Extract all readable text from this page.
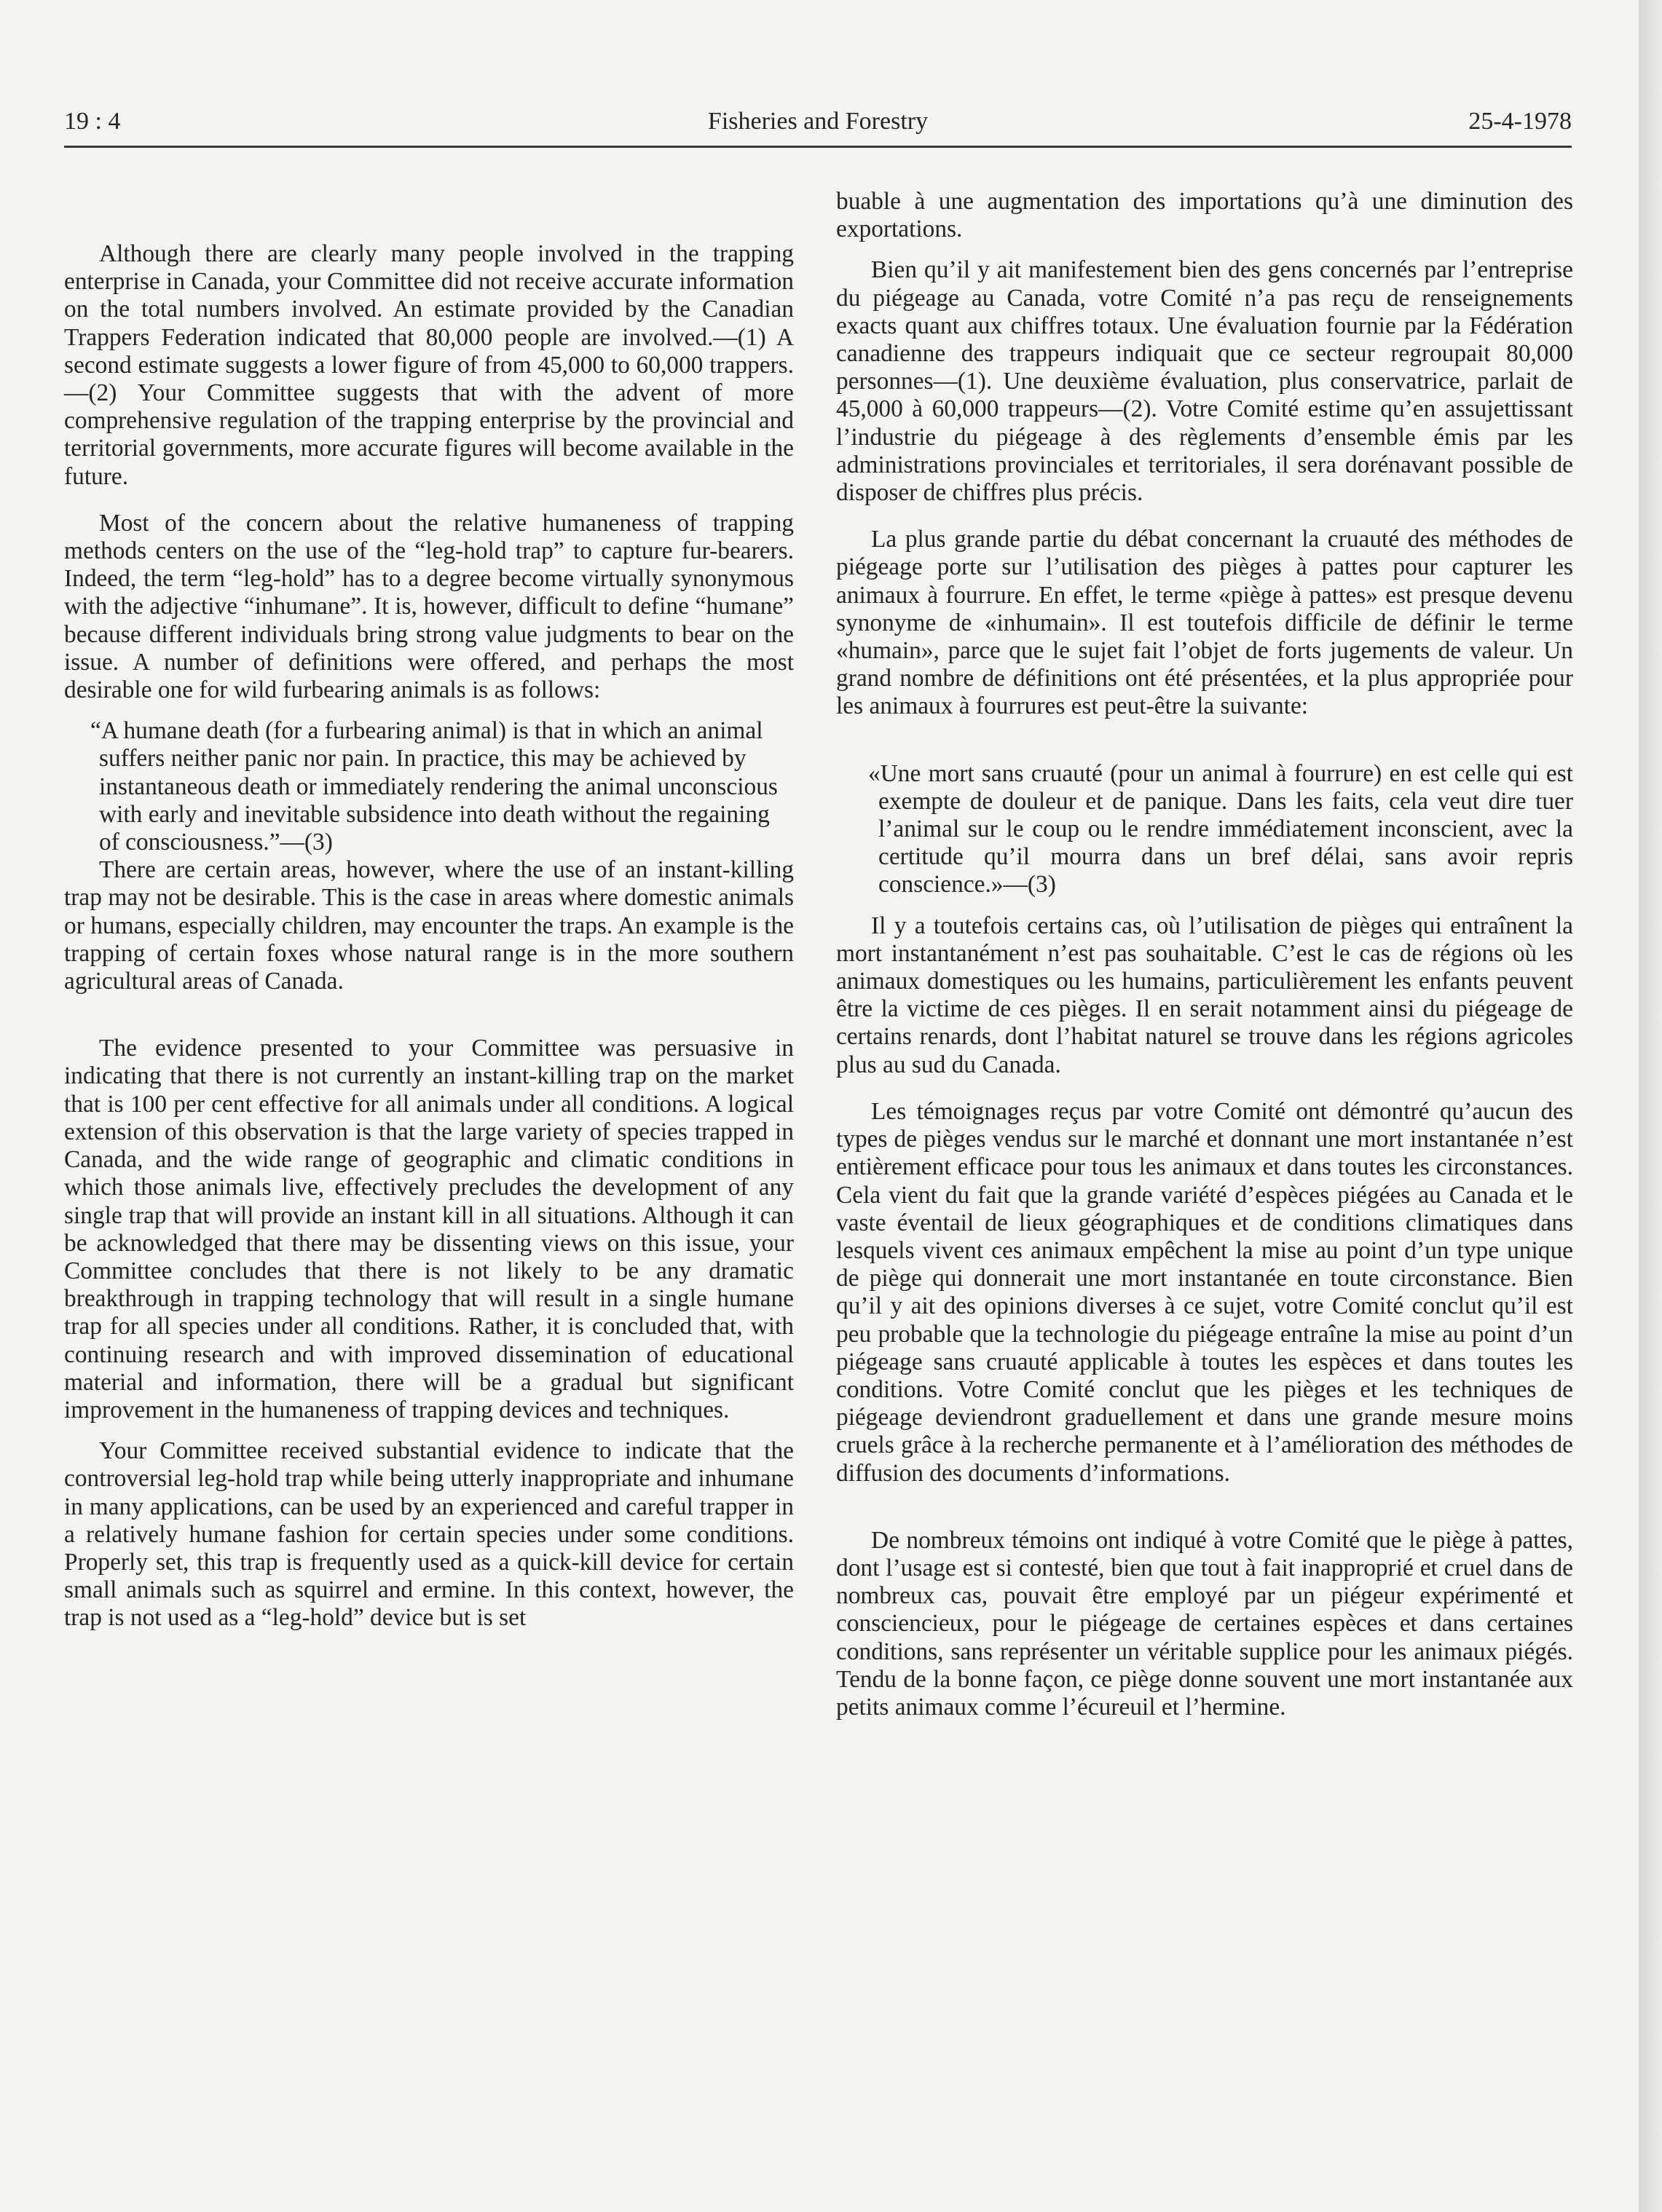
19 : 4	Fisheries and Forestry	25-4-1978

Although there are clearly many people involved in the trapping enterprise in Canada, your Committee did not receive accurate information on the total numbers involved. An estimate provided by the Canadian Trappers Federation indicated that 80,000 people are involved.—(1) A second estimate suggests a lower figure of from 45,000 to 60,000 trappers.—(2) Your Committee suggests that with the advent of more comprehensive regulation of the trapping enterprise by the provincial and territorial governments, more accurate figures will become available in the future.

Most of the concern about the relative humaneness of trapping methods centers on the use of the “leg-hold trap” to capture fur-bearers. Indeed, the term “leg-hold” has to a degree become virtually synonymous with the adjective “inhumane”. It is, however, difficult to define “humane” because different individuals bring strong value judgments to bear on the issue. A number of definitions were offered, and perhaps the most desirable one for wild furbearing animals is as follows:

“A humane death (for a furbearing animal) is that in which an animal suffers neither panic nor pain. In practice, this may be achieved by instantaneous death or immediately rendering the animal unconscious with early and inevitable subsidence into death without the regaining of consciousness.”—(3)

There are certain areas, however, where the use of an instant-killing trap may not be desirable. This is the case in areas where domestic animals or humans, especially children, may encounter the traps. An example is the trapping of certain foxes whose natural range is in the more southern agricultural areas of Canada.

The evidence presented to your Committee was persuasive in indicating that there is not currently an instant-killing trap on the market that is 100 per cent effective for all animals under all conditions. A logical extension of this observation is that the large variety of species trapped in Canada, and the wide range of geographic and climatic conditions in which those animals live, effectively precludes the development of any single trap that will provide an instant kill in all situations. Although it can be acknowledged that there may be dissenting views on this issue, your Committee concludes that there is not likely to be any dramatic breakthrough in trapping technology that will result in a single humane trap for all species under all conditions. Rather, it is concluded that, with continuing research and with improved dissemination of educational material and information, there will be a gradual but significant improvement in the humaneness of trapping devices and techniques.

Your Committee received substantial evidence to indicate that the controversial leg-hold trap while being utterly inappropriate and inhumane in many applications, can be used by an experienced and careful trapper in a relatively humane fashion for certain species under some conditions. Properly set, this trap is frequently used as a quick-kill device for certain small animals such as squirrel and ermine. In this context, however, the trap is not used as a “leg-hold” device but is set

buable à une augmentation des importations qu’à une diminution des exportations.

Bien qu’il y ait manifestement bien des gens concernés par l’entreprise du piégeage au Canada, votre Comité n’a pas reçu de renseignements exacts quant aux chiffres totaux. Une évaluation fournie par la Fédération canadienne des trappeurs indiquait que ce secteur regroupait 80,000 personnes—(1). Une deuxième évaluation, plus conservatrice, parlait de 45,000 à 60,000 trappeurs—(2). Votre Comité estime qu’en assujettissant l’industrie du piégeage à des règlements d’ensemble émis par les administrations provinciales et territoriales, il sera dorénavant possible de disposer de chiffres plus précis.

La plus grande partie du débat concernant la cruauté des méthodes de piégeage porte sur l’utilisation des pièges à pattes pour capturer les animaux à fourrure. En effet, le terme «piège à pattes» est presque devenu synonyme de «inhumain». Il est toutefois difficile de définir le terme «humain», parce que le sujet fait l’objet de forts jugements de valeur. Un grand nombre de définitions ont été présentées, et la plus appropriée pour les animaux à fourrures est peut-être la suivante:

«Une mort sans cruauté (pour un animal à fourrure) en est celle qui est exempte de douleur et de panique. Dans les faits, cela veut dire tuer l’animal sur le coup ou le rendre immédiatement inconscient, avec la certitude qu’il mourra dans un bref délai, sans avoir repris conscience.»—(3)

Il y a toutefois certains cas, où l’utilisation de pièges qui entraînent la mort instantanément n’est pas souhaitable. C’est le cas de régions où les animaux domestiques ou les humains, particulièrement les enfants peuvent être la victime de ces pièges. Il en serait notamment ainsi du piégeage de certains renards, dont l’habitat naturel se trouve dans les régions agricoles plus au sud du Canada.

Les témoignages reçus par votre Comité ont démontré qu’aucun des types de pièges vendus sur le marché et donnant une mort instantanée n’est entièrement efficace pour tous les animaux et dans toutes les circonstances. Cela vient du fait que la grande variété d’espèces piégées au Canada et le vaste éventail de lieux géographiques et de conditions climatiques dans lesquels vivent ces animaux empêchent la mise au point d’un type unique de piège qui donnerait une mort instantanée en toute circonstance. Bien qu’il y ait des opinions diverses à ce sujet, votre Comité conclut qu’il est peu probable que la technologie du piégeage entraîne la mise au point d’un piégeage sans cruauté applicable à toutes les espèces et dans toutes les conditions. Votre Comité conclut que les pièges et les techniques de piégeage deviendront graduellement et dans une grande mesure moins cruels grâce à la recherche permanente et à l’amélioration des méthodes de diffusion des documents d’informations.

De nombreux témoins ont indiqué à votre Comité que le piège à pattes, dont l’usage est si contesté, bien que tout à fait inapproprié et cruel dans de nombreux cas, pouvait être employé par un piégeur expérimenté et consciencieux, pour le piégeage de certaines espèces et dans certaines conditions, sans représenter un véritable supplice pour les animaux piégés. Tendu de la bonne façon, ce piège donne souvent une mort instantanée aux petits animaux comme l’écureuil et l’hermine.
